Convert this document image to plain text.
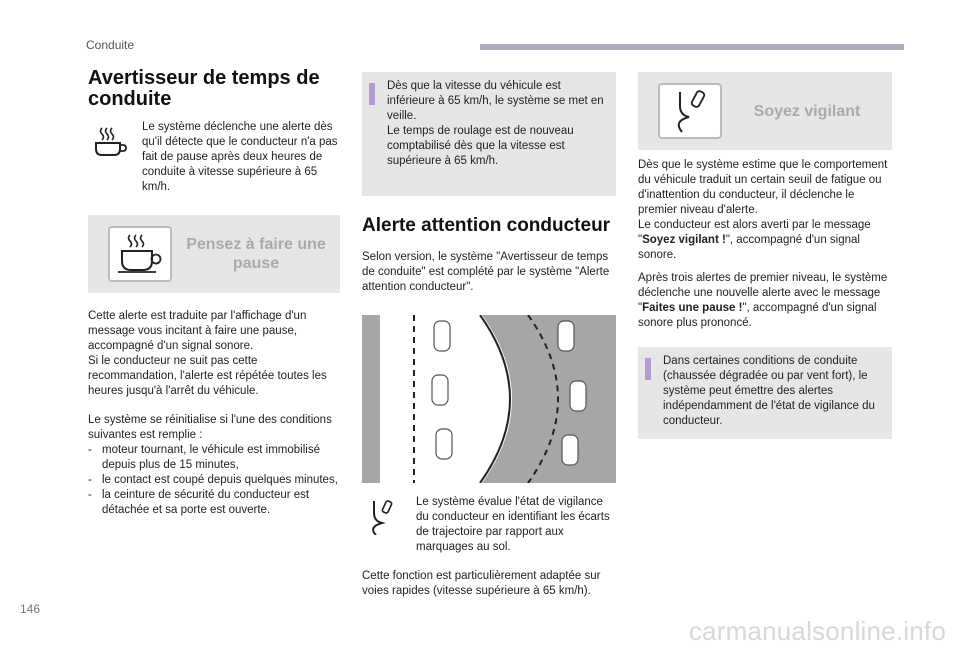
Conduite
Avertisseur de temps de
conduite

Le système déclenche une alerte dès qu'il détecte que le conducteur n'a pas fait de pause après deux heures de conduite à vitesse supérieure à 65 km/h.

Pensez à faire une
pause

Cette alerte est traduite par l'affichage d'un message vous incitant à faire une pause, accompagné d'un signal sonore.

Si le conducteur ne suit pas cette recommandation, l'alerte est répétée toutes les heures jusqu'à l'arrêt du véhicule.

Le système se réinitialise si l'une des conditions suivantes est remplie :

- moteur tournant, le véhicule est immobilisé depuis plus de 15 minutes,
- le contact est coupé depuis quelques minutes,
- la ceinture de sécurité du conducteur est détachée et sa porte est ouverte.

Dès que la vitesse du véhicule est inférieure à 65 km/h, le système se met en veille.

Le temps de roulage est de nouveau comptabilisé dès que la vitesse est supérieure à 65 km/h.

Alerte attention conducteur

Selon version, le système "Avertisseur de temps de conduite" est complété par le système "Alerte attention conducteur".

Le système évalue l'état de vigilance du conducteur en identifiant les écarts de trajectoire par rapport aux marquages au sol.

Cette fonction est particulièrement adaptée sur voies rapides (vitesse supérieure à 65 km/h).

Soyez vigilant

Dès que le système estime que le comportement du véhicule traduit un certain seuil de fatigue ou d'inattention du conducteur, il déclenche le premier niveau d'alerte.
Le conducteur est alors averti par le message "Soyez vigilant !", accompagné d'un signal sonore.

Après trois alertes de premier niveau, le système déclenche une nouvelle alerte avec le message "Faites une pause !", accompagné d'un signal sonore plus prononcé.

Dans certaines conditions de conduite (chaussée dégradée ou par vent fort), le système peut émettre des alertes indépendamment de l'état de vigilance du conducteur.

146
carmanualsonline.info
